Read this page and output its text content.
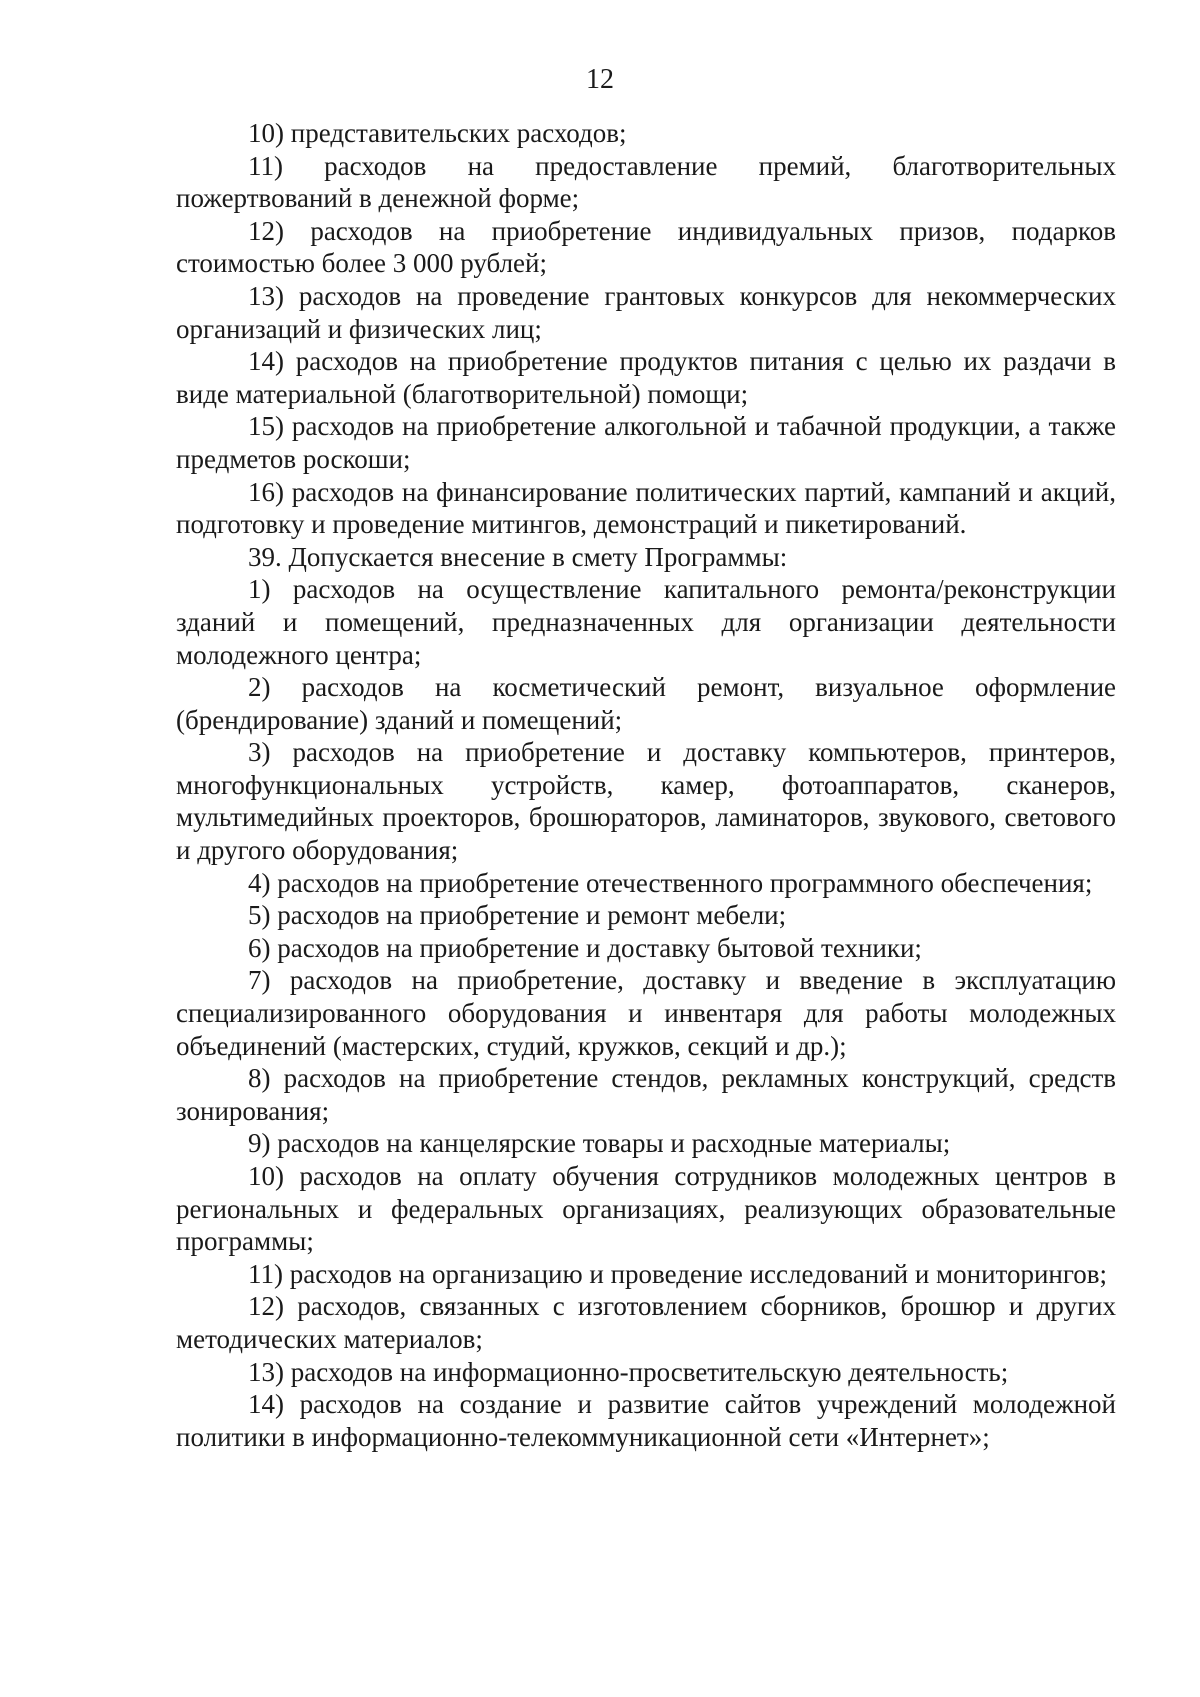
12

10) представительских расходов;

11) расходов на предоставление премий, благотворительных пожертвований в денежной форме;

12) расходов на приобретение индивидуальных призов, подарков стоимостью более 3 000 рублей;

13) расходов на проведение грантовых конкурсов для некоммерческих организаций и физических лиц;

14) расходов на приобретение продуктов питания с целью их раздачи в виде материальной (благотворительной) помощи;

15) расходов на приобретение алкогольной и табачной продукции, а также предметов роскоши;

16) расходов на финансирование политических партий, кампаний и акций, подготовку и проведение митингов, демонстраций и пикетирований.

39. Допускается внесение в смету Программы:

1) расходов на осуществление капитального ремонта/реконструкции зданий и помещений, предназначенных для организации деятельности молодежного центра;

2) расходов на косметический ремонт, визуальное оформление (брендирование) зданий и помещений;

3) расходов на приобретение и доставку компьютеров, принтеров, многофункциональных устройств, камер, фотоаппаратов, сканеров, мультимедийных проекторов, брошюраторов, ламинаторов, звукового, светового и другого оборудования;

4) расходов на приобретение отечественного программного обеспечения;

5) расходов на приобретение и ремонт мебели;

6) расходов на приобретение и доставку бытовой техники;

7) расходов на приобретение, доставку и введение в эксплуатацию специализированного оборудования и инвентаря для работы молодежных объединений (мастерских, студий, кружков, секций и др.);

8) расходов на приобретение стендов, рекламных конструкций, средств зонирования;

9) расходов на канцелярские товары и расходные материалы;

10) расходов на оплату обучения сотрудников молодежных центров в региональных и федеральных организациях, реализующих образовательные программы;

11) расходов на организацию и проведение исследований и мониторингов;

12) расходов, связанных с изготовлением сборников, брошюр и других методических материалов;

13) расходов на информационно-просветительскую деятельность;

14) расходов на создание и развитие сайтов учреждений молодежной политики в информационно-телекоммуникационной сети «Интернет»;
